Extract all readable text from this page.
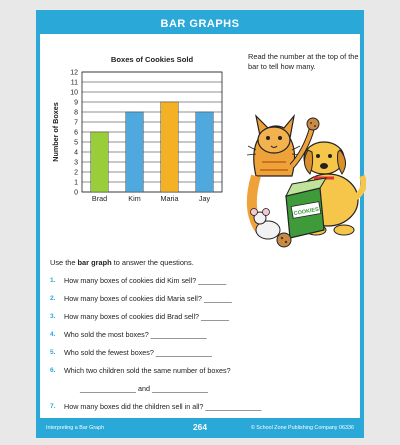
BAR GRAPHS
Boxes of Cookies Sold
Number of Boxes
0
1
2
3
4
5
6
7
8
9
10
11
12
Brad	Kim	Maria	Jay
Read the number at the top of the bar to tell how many.
COOKIES
Use the bar graph to answer the questions.
1.	How many boxes of cookies did Kim sell? _______
2.	How many boxes of cookies did Maria sell? _______
3.	How many boxes of cookies did Brad sell? _______
4.	Who sold the most boxes? ______________
5.	Who sold the fewest boxes? ______________
6.	Which two children sold the same number of boxes?
______________ and ______________
7.	How many boxes did the children sell in all? ______________
Interpreting a Bar Graph	264	© School Zone Publishing Company 06336
